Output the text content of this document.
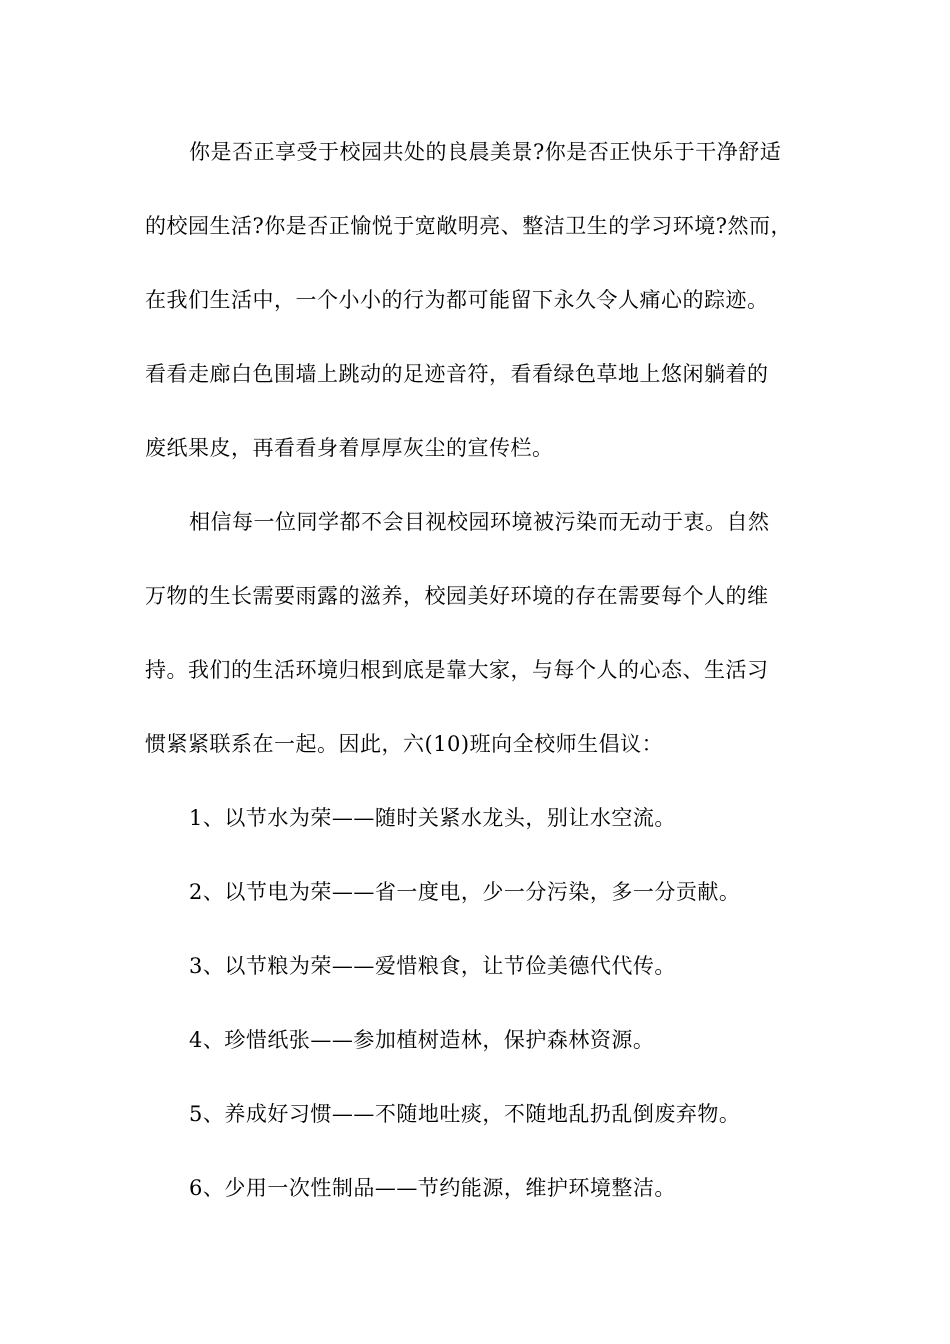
你是否正享受于校园共处的良晨美景?你是否正快乐于干净舒适
的校园生活?你是否正愉悦于宽敞明亮、整洁卫生的学习环境?然而，
在我们生活中，一个小小的行为都可能留下永久令人痛心的踪迹。
看看走廊白色围墙上跳动的足迹音符，看看绿色草地上悠闲躺着的
废纸果皮，再看看身着厚厚灰尘的宣传栏。
相信每一位同学都不会目视校园环境被污染而无动于衷。自然
万物的生长需要雨露的滋养，校园美好环境的存在需要每个人的维
持。我们的生活环境归根到底是靠大家，与每个人的心态、生活习
惯紧紧联系在一起。因此，六(10)班向全校师生倡议：
1、以节水为荣——随时关紧水龙头，别让水空流。
2、以节电为荣——省一度电，少一分污染，多一分贡献。
3、以节粮为荣——爱惜粮食，让节俭美德代代传。
4、珍惜纸张——参加植树造林，保护森林资源。
5、养成好习惯——不随地吐痰，不随地乱扔乱倒废弃物。
6、少用一次性制品——节约能源，维护环境整洁。
